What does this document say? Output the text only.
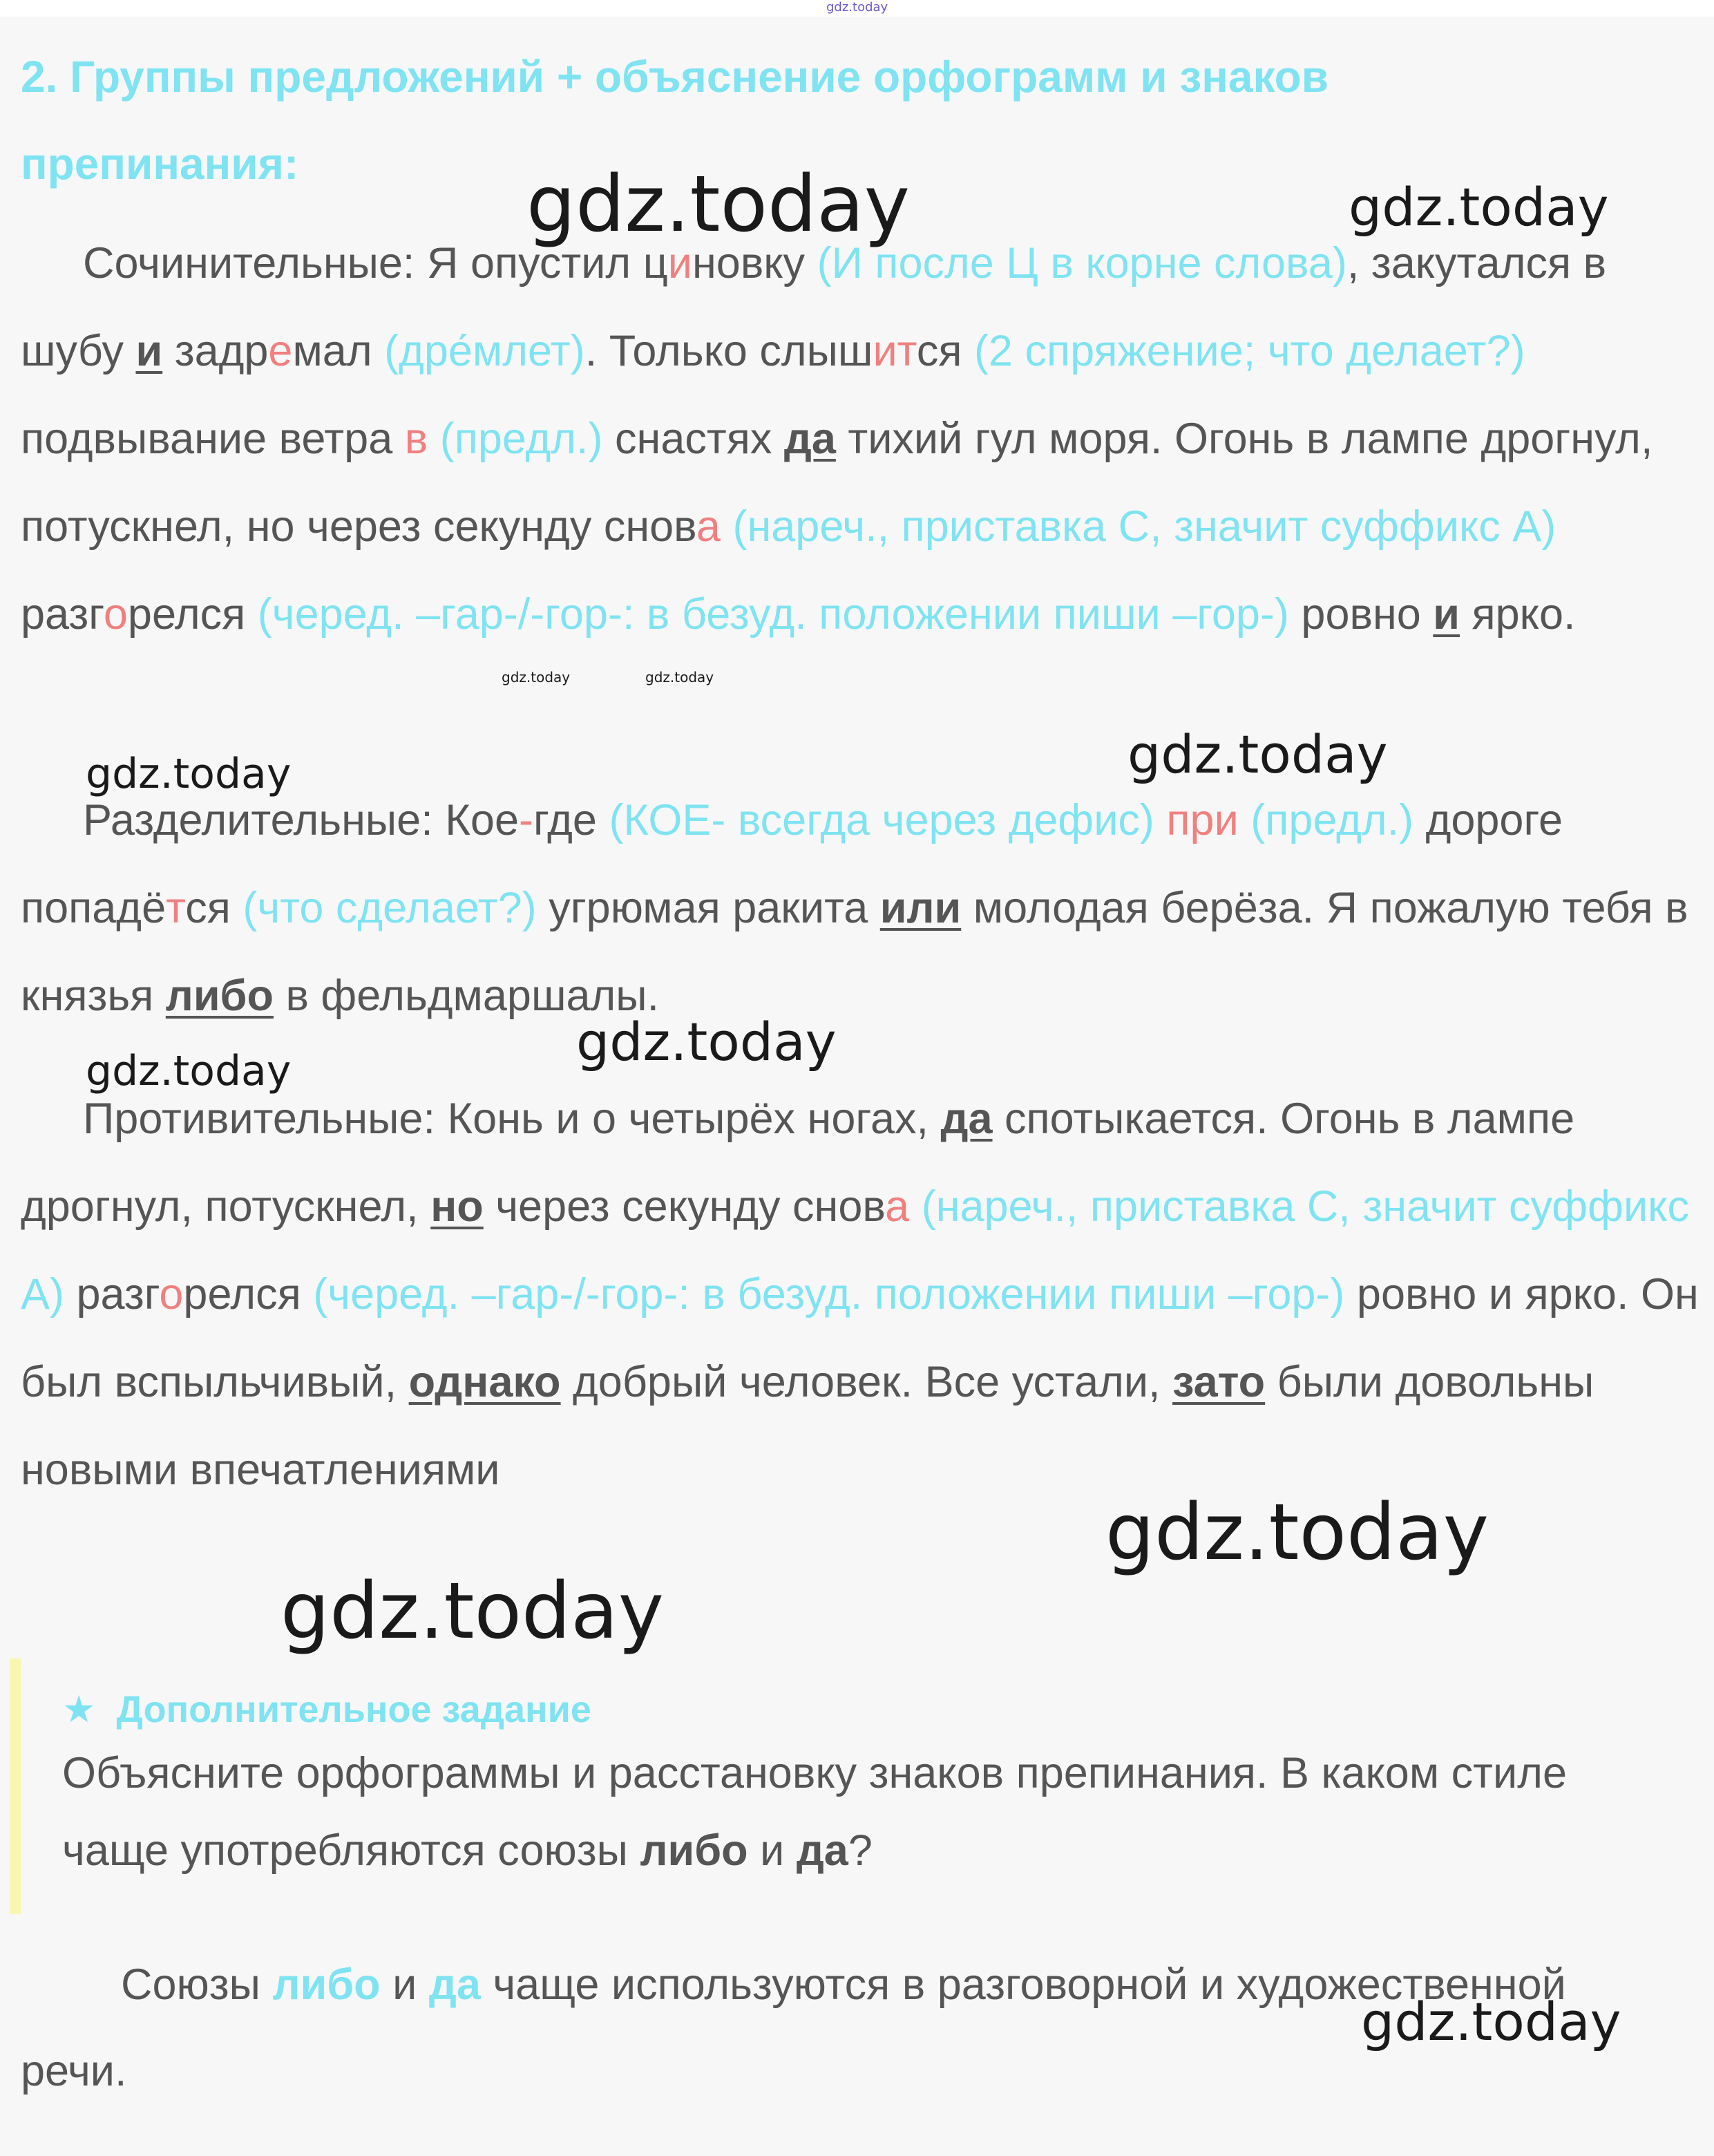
gdz.today
2. Группы предложений + объяснение орфограмм и знаков препинания:

Сочинительные: Я опустил циновку (И после Ц в корне слова), закутался в шубу и задремал (дре́млет). Только слышится (2 спряжение; что делает?) подвывание ветра в (предл.) снастях да тихий гул моря. Огонь в лампе дрогнул, потускнел, но через секунду снова (нареч., приставка С, значит суффикс А) разгорелся (черед. –гар-/-гор-: в безуд. положении пиши –гор-) ровно и ярко.

Разделительные: Кое-где (КОЕ- всегда через дефис) при (предл.) дороге попадётся (что сделает?) угрюмая ракита или молодая берёза. Я пожалую тебя в князья либо в фельдмаршалы.

Противительные: Конь и о четырёх ногах, да спотыкается. Огонь в лампе дрогнул, потускнел, но через секунду снова (нареч., приставка С, значит суффикс А) разгорелся (черед. –гар-/-гор-: в безуд. положении пиши –гор-) ровно и ярко. Он был вспыльчивый, однако добрый человек. Все устали, зато были довольны новыми впечатлениями

★ Дополнительное задание
Объясните орфограммы и расстановку знаков препинания. В каком стиле чаще употребляются союзы либо и да?

Союзы либо и да чаще используются в разговорной и художественной речи.

gdz.today	gdz.today
gdz.today	gdz.today
gdz.today	gdz.today
gdz.today
gdz.today
gdz.today
gdz.today
gdz.today
